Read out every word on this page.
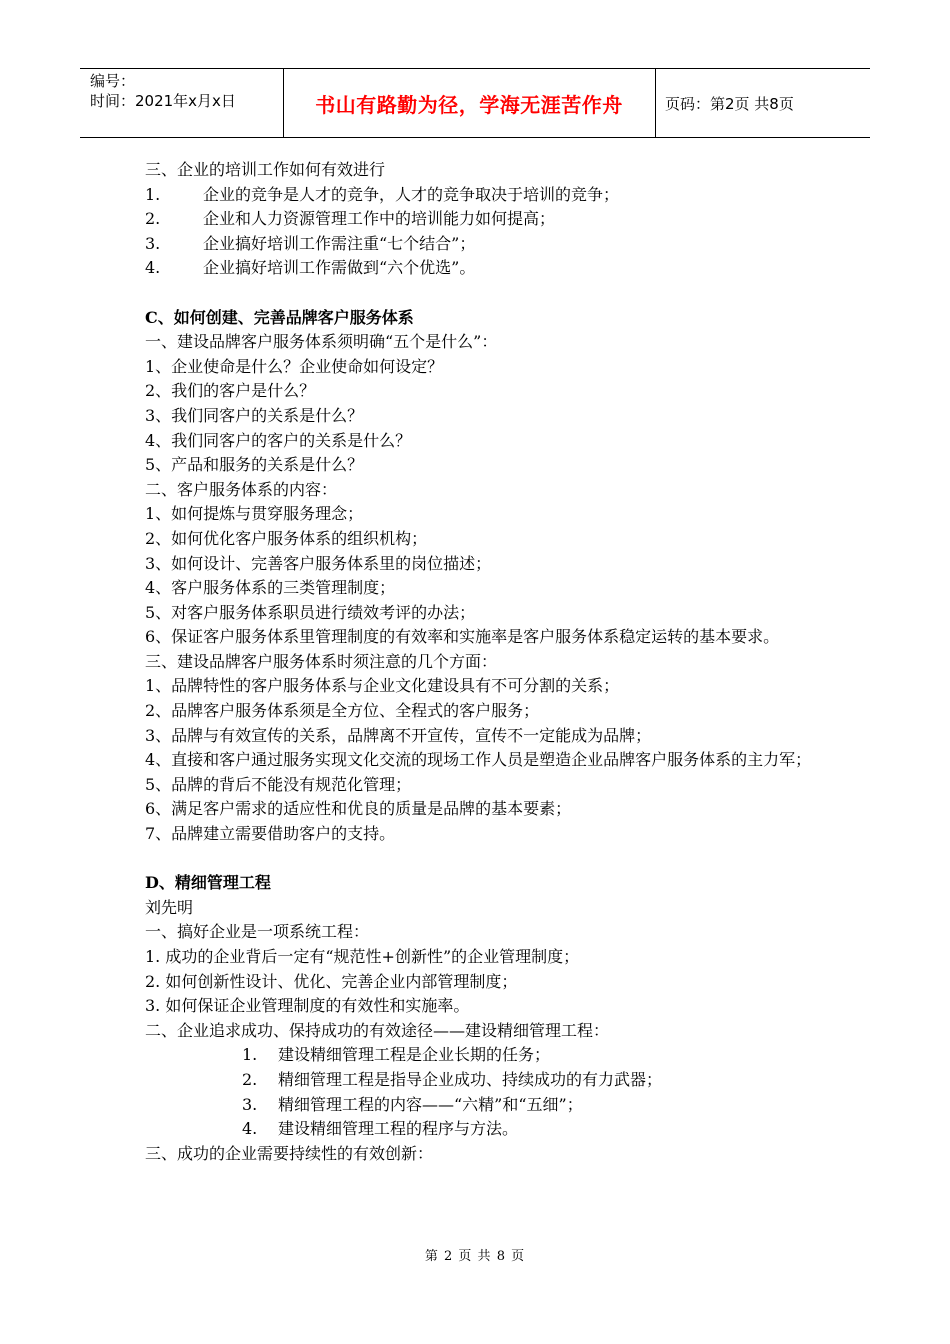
编号：
时间：2021年x月x日	书山有路勤为径，学海无涯苦作舟	页码：第2页 共8页

三、企业的培训工作如何有效进行

1.	企业的竞争是人才的竞争，人才的竞争取决于培训的竞争；

2.	企业和人力资源管理工作中的培训能力如何提高；

3.	企业搞好培训工作需注重“七个结合”；

4.	企业搞好培训工作需做到“六个优选”。

C、如何创建、完善品牌客户服务体系

一、建设品牌客户服务体系须明确“五个是什么”：

1、企业使命是什么？企业使命如何设定？

2、我们的客户是什么？

3、我们同客户的关系是什么？

4、我们同客户的客户的关系是什么？

5、产品和服务的关系是什么？

二、客户服务体系的内容：

1、如何提炼与贯穿服务理念；

2、如何优化客户服务体系的组织机构；

3、如何设计、完善客户服务体系里的岗位描述；

4、客户服务体系的三类管理制度；

5、对客户服务体系职员进行绩效考评的办法；

6、保证客户服务体系里管理制度的有效率和实施率是客户服务体系稳定运转的基本要求。

三、建设品牌客户服务体系时须注意的几个方面：

1、品牌特性的客户服务体系与企业文化建设具有不可分割的关系；

2、品牌客户服务体系须是全方位、全程式的客户服务；

3、品牌与有效宣传的关系，品牌离不开宣传，宣传不一定能成为品牌；

4、直接和客户通过服务实现文化交流的现场工作人员是塑造企业品牌客户服务体系的主力军；

5、品牌的背后不能没有规范化管理；

6、满足客户需求的适应性和优良的质量是品牌的基本要素；

7、品牌建立需要借助客户的支持。

D、精细管理工程

刘先明

一、搞好企业是一项系统工程：

1. 成功的企业背后一定有“规范性+创新性”的企业管理制度；

2. 如何创新性设计、优化、完善企业内部管理制度；

3. 如何保证企业管理制度的有效性和实施率。

二、企业追求成功、保持成功的有效途径——建设精细管理工程：

1. 建设精细管理工程是企业长期的任务；

2. 精细管理工程是指导企业成功、持续成功的有力武器；

3. 精细管理工程的内容——“六精”和“五细”；

4. 建设精细管理工程的程序与方法。

三、成功的企业需要持续性的有效创新：

第 2 页 共 8 页
